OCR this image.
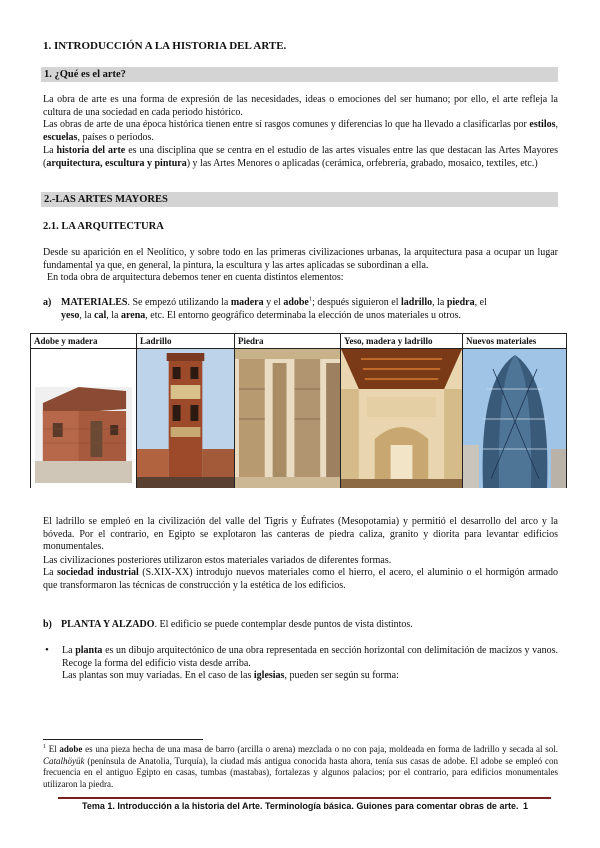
1. INTRODUCCIÓN A LA HISTORIA DEL ARTE.
1. ¿Qué es el arte?
La obra de arte es una forma de expresión de las necesidades, ideas o emociones del ser humano; por ello, el arte refleja la cultura de una sociedad en cada periodo histórico.
Las obras de arte de una época histórica tienen entre sí rasgos comunes y diferencias lo que ha llevado a clasificarlas por estilos, escuelas, países o periodos.
La historia del arte es una disciplina que se centra en el estudio de las artes visuales entre las que destacan las Artes Mayores (arquitectura, escultura y pintura) y las Artes Menores o aplicadas (cerámica, orfebrería, grabado, mosaico, textiles, etc.)
2.-LAS ARTES MAYORES
2.1. LA ARQUITECTURA
Desde su aparición en el Neolítico, y sobre todo en las primeras civilizaciones urbanas, la arquitectura pasa a ocupar un lugar fundamental ya que, en general, la pintura, la escultura y las artes aplicadas se subordinan a ella.
En toda obra de arquitectura debemos tener en cuenta distintos elementos:
a) MATERIALES. Se empezó utilizando la madera y el adobe$^1$; después siguieron el ladrillo, la piedra, el
yeso, la cal, la arena, etc. El entorno geográfico determinaba la elección de unos materiales u otros.
Adobe y madera	Ladrillo	Piedra	Yeso, madera y ladrillo	Nuevos materiales
El ladrillo se empleó en la civilización del valle del Tigris y Éufrates (Mesopotamia) y permitió el desarrollo del arco y la bóveda. Por el contrario, en Egipto se explotaron las canteras de piedra caliza, granito y diorita para levantar edificios monumentales.
Las civilizaciones posteriores utilizaron estos materiales variados de diferentes formas.
La sociedad industrial (S.XIX-XX) introdujo nuevos materiales como el hierro, el acero, el aluminio o el hormigón armado que transformaron las técnicas de construcción y la estética de los edificios.
b) PLANTA Y ALZADO. El edificio se puede contemplar desde puntos de vista distintos.
• La planta es un dibujo arquitectónico de una obra representada en sección horizontal con delimitación de macizos y vanos. Recoge la forma del edificio vista desde arriba.
Las plantas son muy variadas. En el caso de las iglesias, pueden ser según su forma:
$^1$ El adobe es una pieza hecha de una masa de barro (arcilla o arena) mezclada o no con paja, moldeada en forma de ladrillo y secada al sol. Catalhöyük (península de Anatolia, Turquía), la ciudad más antigua conocida hasta ahora, tenía sus casas de adobe. El adobe se empleó con frecuencia en el antiguo Egipto en casas, tumbas (mastabas), fortalezas y algunos palacios; por el contrario, para edificios monumentales utilizaron la piedra.
Tema 1. Introducción a la historia del Arte. Terminología básica. Guiones para comentar obras de arte. 1
